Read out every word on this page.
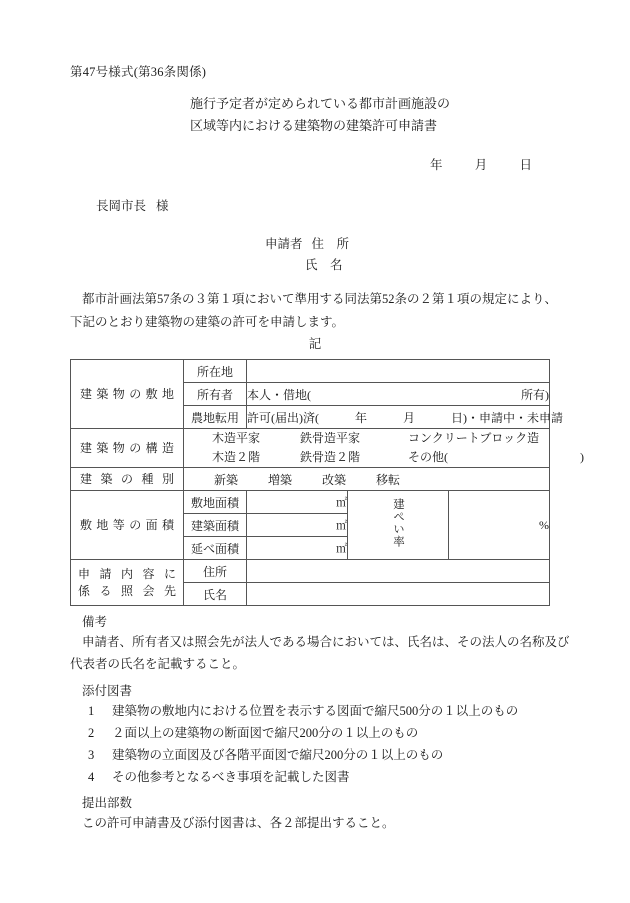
第47号様式(第36条関係)
施行予定者が定められている都市計画施設の
区域等内における建築物の建築許可申請書
年	月	日
長岡市長 様
申請者 住　所
氏　名
都市計画法第57条の３第１項において準用する同法第52条の２第１項の規定により、
下記のとおり建築物の建築の許可を申請します。
記
建築物の敷地	所在地			
	所有者	本人・借地( 所有)		

	農地転用	許可(届出)済(　　　年　　　月　　　日)・申請中・未申請		

建築物の構造	木造平家 鉄骨造平家 コンクリートブロック造
木造２階 鉄骨造２階 その他(　　　　　　　　　　　)			

建築の種別	新築 増築 改築 移転			

敷地等の面積	敷地面積	㎡	建ぺい率	%
	建築面積	㎡		
	延べ面積	㎡		

申請内容に
係る照会先	住所			
	氏名			
備考
申請者、所有者又は照会先が法人である場合においては、氏名は、その法人の名称及び代表者の氏名を記載すること。
添付図書
1 建築物の敷地内における位置を表示する図面で縮尺500分の１以上のもの
2 ２面以上の建築物の断面図で縮尺200分の１以上のもの
3 建築物の立面図及び各階平面図で縮尺200分の１以上のもの
4 その他参考となるべき事項を記載した図書
提出部数
この許可申請書及び添付図書は、各２部提出すること。
